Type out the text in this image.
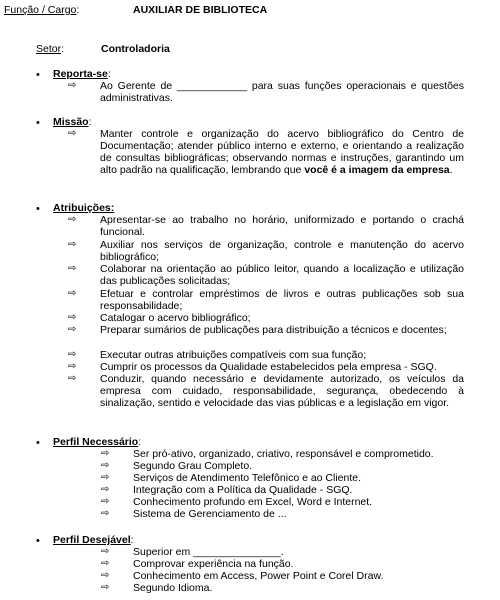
Função / Cargo:	AUXILIAR DE BIBLIOTECA
Setor:	Controladoria
• Reporta-se:
⇨ Ao Gerente de ____________ para suas funções operacionais e questões administrativas.
• Missão:
⇨ Manter controle e organização do acervo bibliográfico do Centro de Documentação; atender público interno e externo, e orientando a realização de consultas bibliográficas; observando normas e instruções, garantindo um alto padrão na qualificação, lembrando que você é a imagem da empresa.
• Atribuições:
⇨ Apresentar-se ao trabalho no horário, uniformizado e portando o crachá funcional.
⇨ Auxiliar nos serviços de organização, controle e manutenção do acervo bibliográfico;
⇨ Colaborar na orientação ao público leitor, quando a localização e utilização das publicações solicitadas;
⇨ Efetuar e controlar empréstimos de livros e outras publicações sob sua responsabilidade;
⇨ Catalogar o acervo bibliográfico;
⇨ Preparar sumários de publicações para distribuição a técnicos e docentes;
⇨ Executar outras atribuições compatíveis com sua função;
⇨ Cumprir os processos da Qualidade estabelecidos pela empresa - SGQ.
⇨ Conduzir, quando necessário e devidamente autorizado, os veículos da empresa com cuidado, responsabilidade, segurança, obedecendo à sinalização, sentido e velocidade das vias públicas e a legislação em vigor.
• Perfil Necessário:
⇨ Ser pró-ativo, organizado, criativo, responsável e comprometido.
⇨ Segundo Grau Completo.
⇨ Serviços de Atendimento Telefônico e ao Cliente.
⇨ Integração com a Política da Qualidade - SGQ.
⇨ Conhecimento profundo em Excel, Word e Internet.
⇨ Sistema de Gerenciamento de ...
• Perfil Desejável:
⇨ Superior em _______________.
⇨ Comprovar experiência na função.
⇨ Conhecimento em Access, Power Point e Corel Draw.
⇨ Segundo Idioma.
